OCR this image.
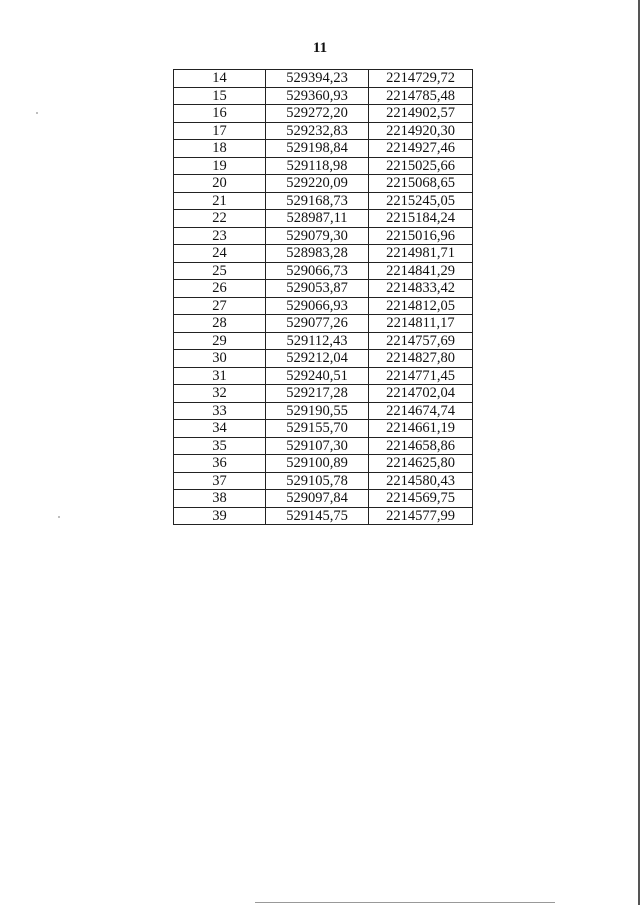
11
14	529394,23	2214729,72
15	529360,93	2214785,48
16	529272,20	2214902,57
17	529232,83	2214920,30
18	529198,84	2214927,46
19	529118,98	2215025,66
20	529220,09	2215068,65
21	529168,73	2215245,05
22	528987,11	2215184,24
23	529079,30	2215016,96
24	528983,28	2214981,71
25	529066,73	2214841,29
26	529053,87	2214833,42
27	529066,93	2214812,05
28	529077,26	2214811,17
29	529112,43	2214757,69
30	529212,04	2214827,80
31	529240,51	2214771,45
32	529217,28	2214702,04
33	529190,55	2214674,74
34	529155,70	2214661,19
35	529107,30	2214658,86
36	529100,89	2214625,80
37	529105,78	2214580,43
38	529097,84	2214569,75
39	529145,75	2214577,99
